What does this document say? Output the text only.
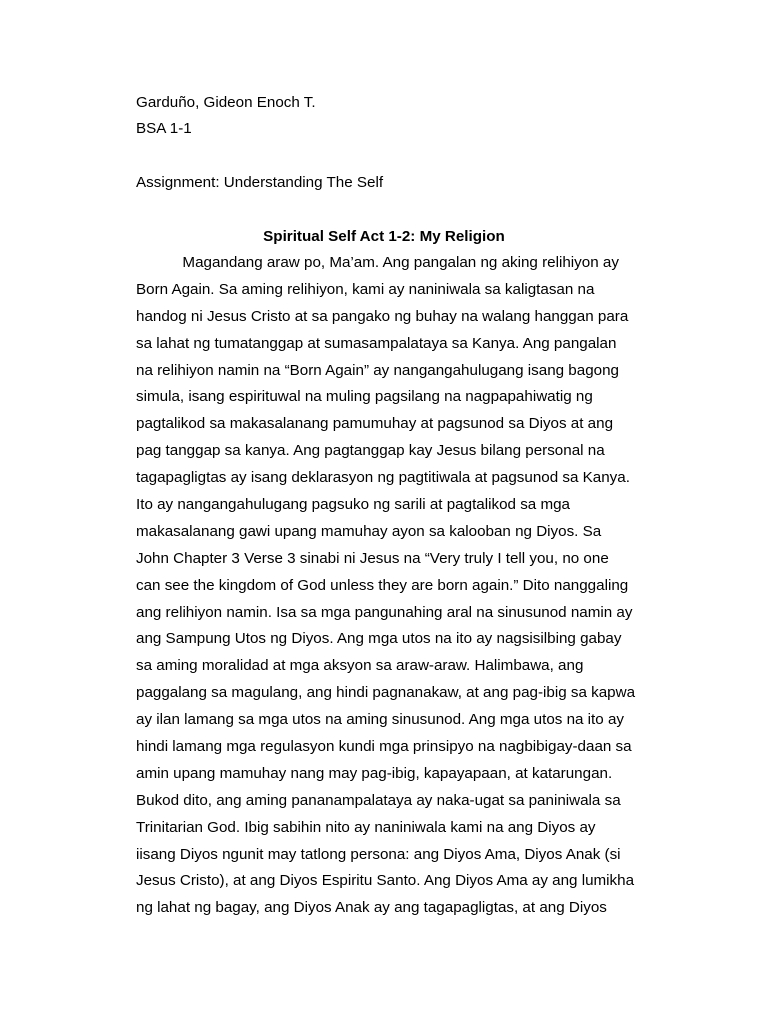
Garduño, Gideon Enoch T.
BSA 1-1
Assignment: Understanding The Self
Spiritual Self Act 1-2: My Religion
Magandang araw po, Ma’am. Ang pangalan ng aking relihiyon ay
Born Again. Sa aming relihiyon, kami ay naniniwala sa kaligtasan na
handog ni Jesus Cristo at sa pangako ng buhay na walang hanggan para
sa lahat ng tumatanggap at sumasampalataya sa Kanya. Ang pangalan
na relihiyon namin na “Born Again” ay nangangahulugang isang bagong
simula, isang espirituwal na muling pagsilang na nagpapahiwatig ng
pagtalikod sa makasalanang pamumuhay at pagsunod sa Diyos at ang
pag tanggap sa kanya. Ang pagtanggap kay Jesus bilang personal na
tagapagligtas ay isang deklarasyon ng pagtitiwala at pagsunod sa Kanya.
Ito ay nangangahulugang pagsuko ng sarili at pagtalikod sa mga
makasalanang gawi upang mamuhay ayon sa kalooban ng Diyos. Sa
John Chapter 3 Verse 3 sinabi ni Jesus na “Very truly I tell you, no one
can see the kingdom of God unless they are born again.” Dito nanggaling
ang relihiyon namin. Isa sa mga pangunahing aral na sinusunod namin ay
ang Sampung Utos ng Diyos. Ang mga utos na ito ay nagsisilbing gabay
sa aming moralidad at mga aksyon sa araw-araw. Halimbawa, ang
paggalang sa magulang, ang hindi pagnanakaw, at ang pag-ibig sa kapwa
ay ilan lamang sa mga utos na aming sinusunod. Ang mga utos na ito ay
hindi lamang mga regulasyon kundi mga prinsipyo na nagbibigay-daan sa
amin upang mamuhay nang may pag-ibig, kapayapaan, at katarungan.
Bukod dito, ang aming pananampalataya ay naka-ugat sa paniniwala sa
Trinitarian God. Ibig sabihin nito ay naniniwala kami na ang Diyos ay
iisang Diyos ngunit may tatlong persona: ang Diyos Ama, Diyos Anak (si
Jesus Cristo), at ang Diyos Espiritu Santo. Ang Diyos Ama ay ang lumikha
ng lahat ng bagay, ang Diyos Anak ay ang tagapagligtas, at ang Diyos
